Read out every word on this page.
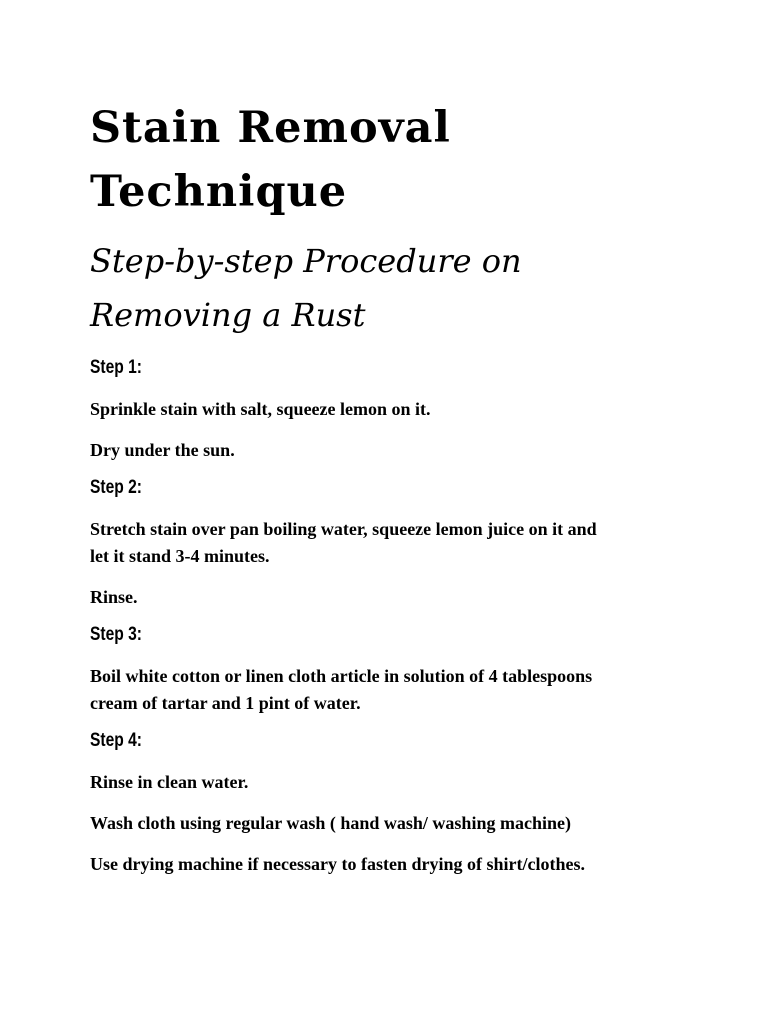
Stain Removal
Technique
Step-by-step Procedure on
Removing a Rust
Step 1:

Sprinkle stain with salt, squeeze lemon on it.

Dry under the sun.

Step 2:

Stretch stain over pan boiling water, squeeze lemon juice on it and

let it stand 3-4 minutes.

Rinse.

Step 3:

Boil white cotton or linen cloth article in solution of 4 tablespoons

cream of tartar and 1 pint of water.

Step 4:

Rinse in clean water.

Wash cloth using regular wash ( hand wash/ washing machine)

Use drying machine if necessary to fasten drying of shirt/clothes.
